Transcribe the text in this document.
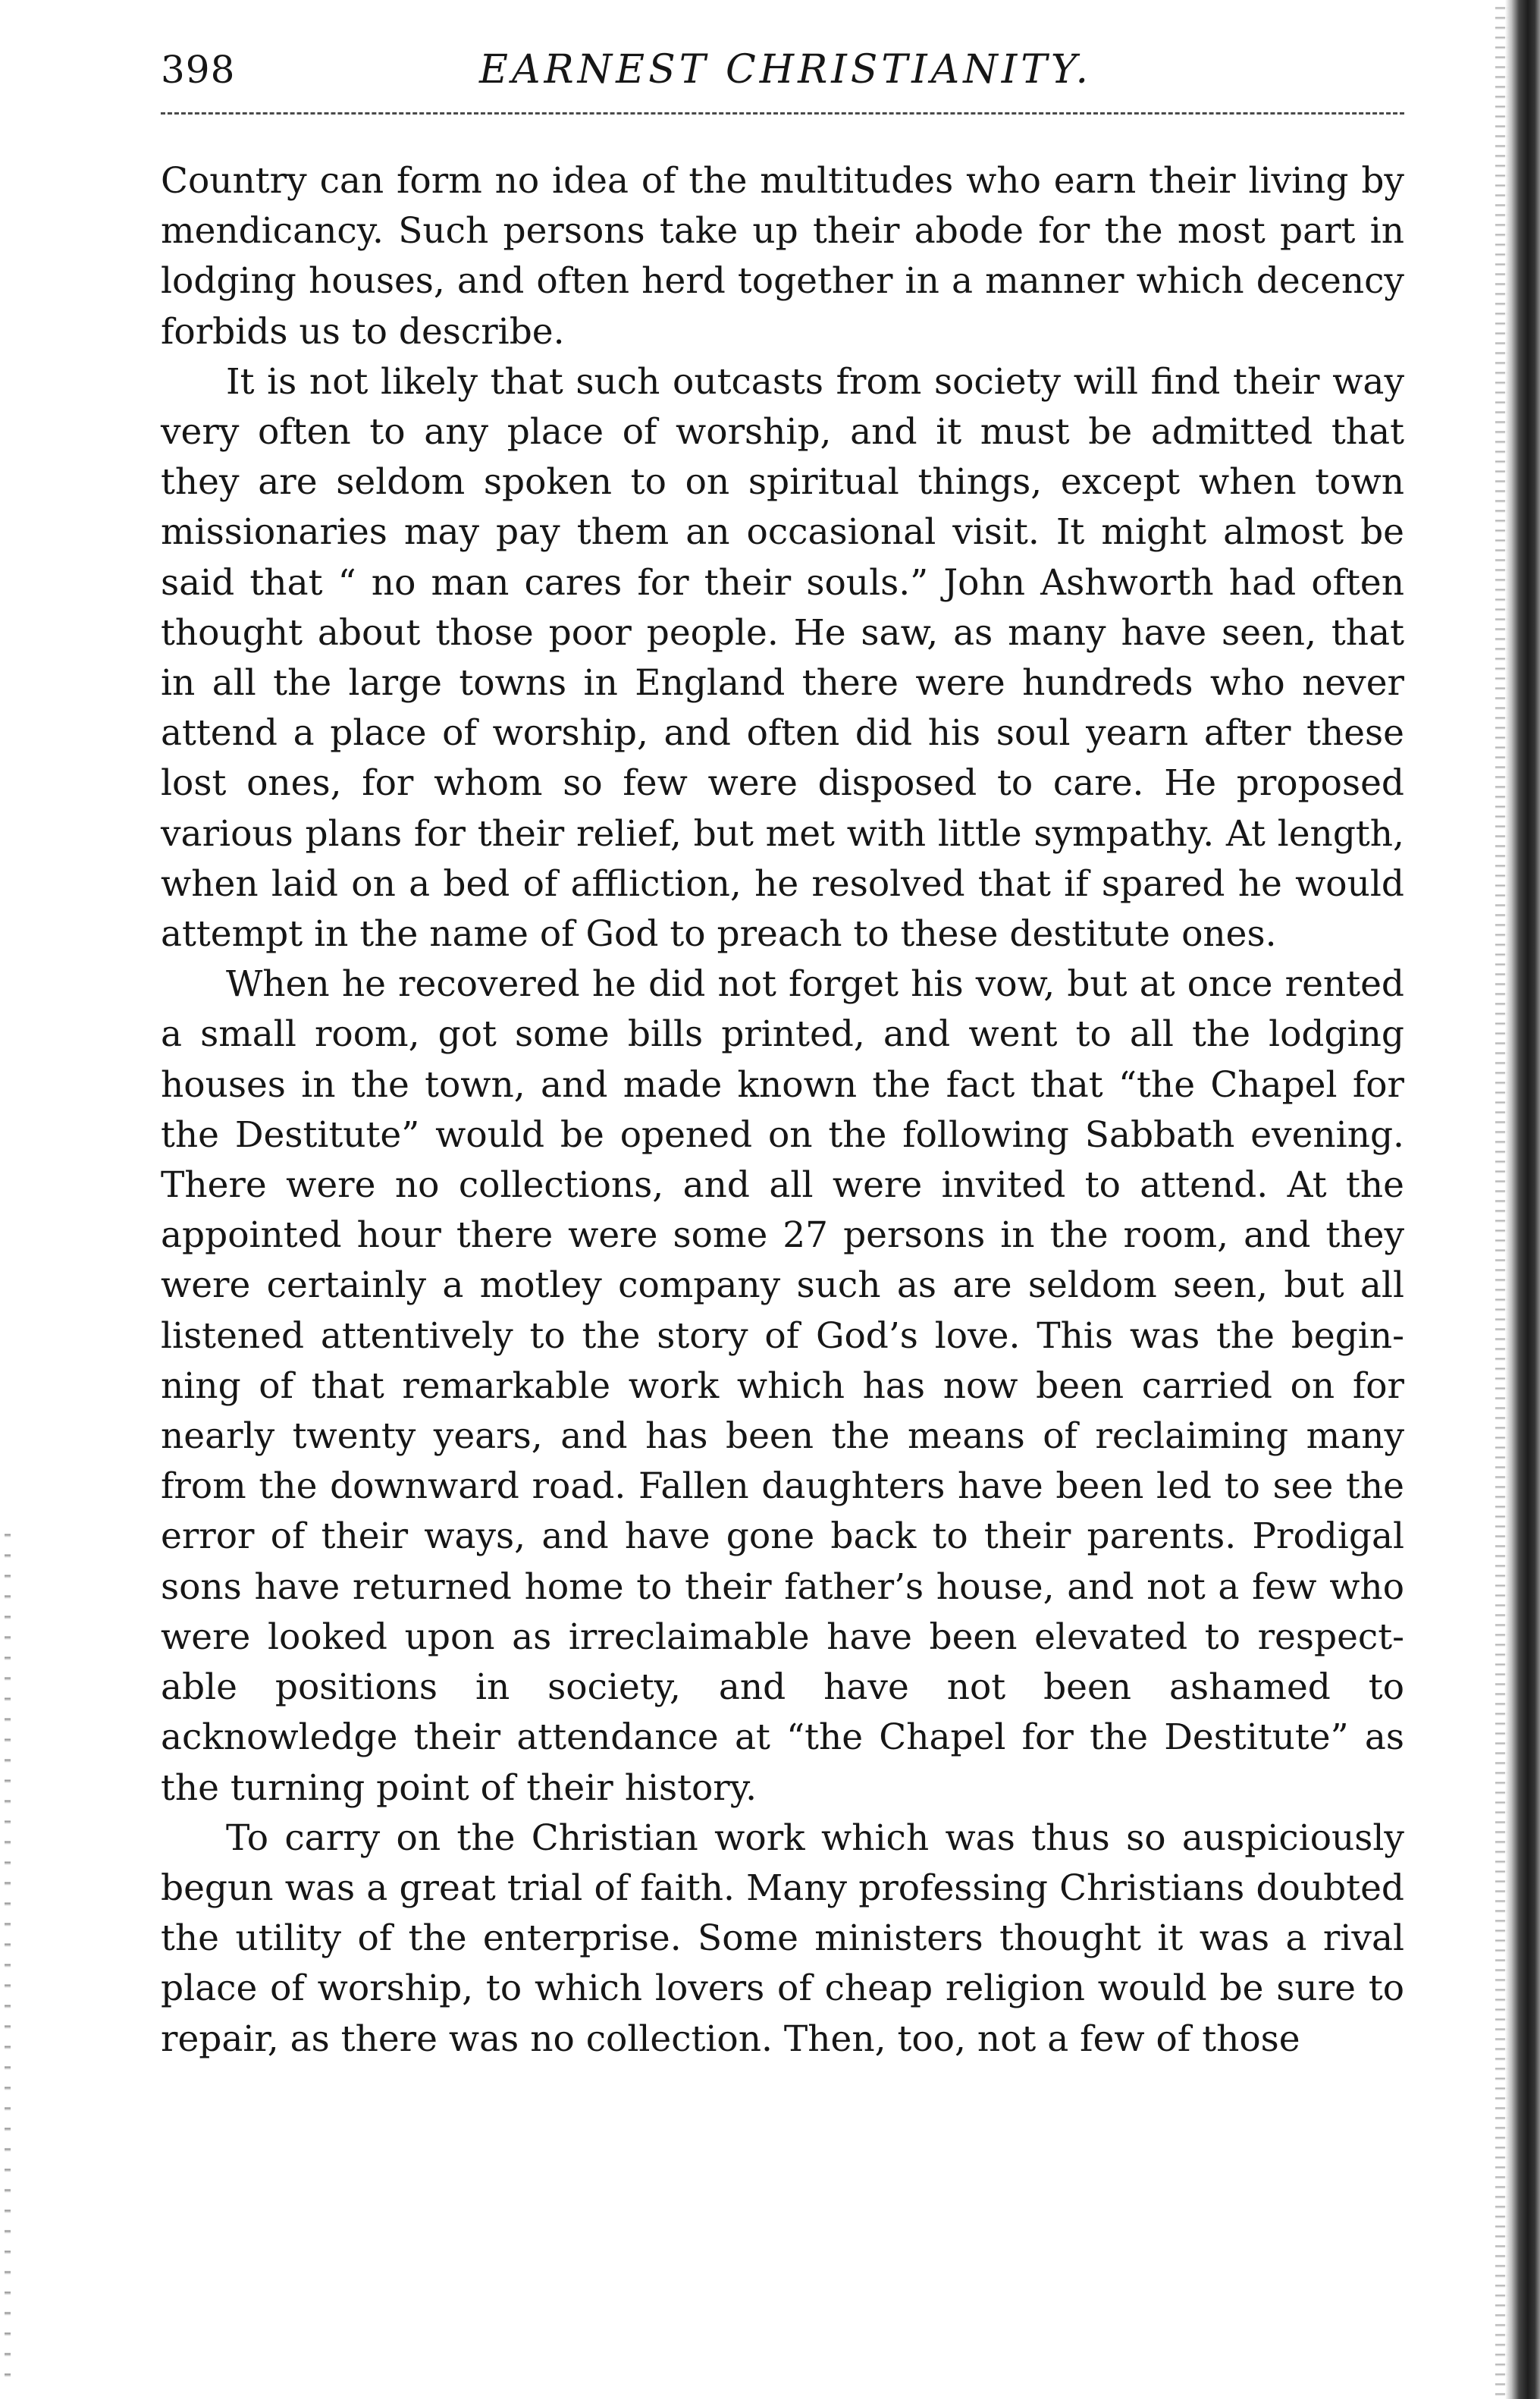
398	EARNEST CHRISTIANITY.

Country can form no idea of the multitudes who earn their living by mendicancy. Such persons take up their abode for the most part in lodging houses, and often herd together in a manner which decency forbids us to describe.

It is not likely that such outcasts from society will find their way very often to any place of worship, and it must be admitted that they are seldom spoken to on spiritual things, except when town missionaries may pay them an occasional visit. It might almost be said that “ no man cares for their souls.” John Ashworth had often thought about those poor people. He saw, as many have seen, that in all the large towns in England there were hundreds who never attend a place of worship, and often did his soul yearn after these lost ones, for whom so few were disposed to care. He proposed various plans for their relief, but met with little sympathy. At length, when laid on a bed of affliction, he resolved that if spared he would attempt in the name of God to preach to these destitute ones.

When he recovered he did not forget his vow, but at once rented a small room, got some bills printed, and went to all the lodging houses in the town, and made known the fact that “the Chapel for the Destitute” would be opened on the following Sabbath evening. There were no collections, and all were invited to attend. At the appointed hour there were some 27 persons in the room, and they were certainly a motley company such as are seldom seen, but all listened attentively to the story of God’s love. This was the beginning of that remarkable work which has now been carried on for nearly twenty years, and has been the means of reclaiming many from the downward road. Fallen daughters have been led to see the error of their ways, and have gone back to their parents. Prodigal sons have returned home to their father’s house, and not a few who were looked upon as irreclaimable have been elevated to respectable positions in society, and have not been ashamed to acknowledge their attendance at “the Chapel for the Destitute” as the turning point of their history.

To carry on the Christian work which was thus so auspiciously begun was a great trial of faith. Many professing Christians doubted the utility of the enterprise. Some ministers thought it was a rival place of worship, to which lovers of cheap religion would be sure to repair, as there was no collection. Then, too, not a few of those
